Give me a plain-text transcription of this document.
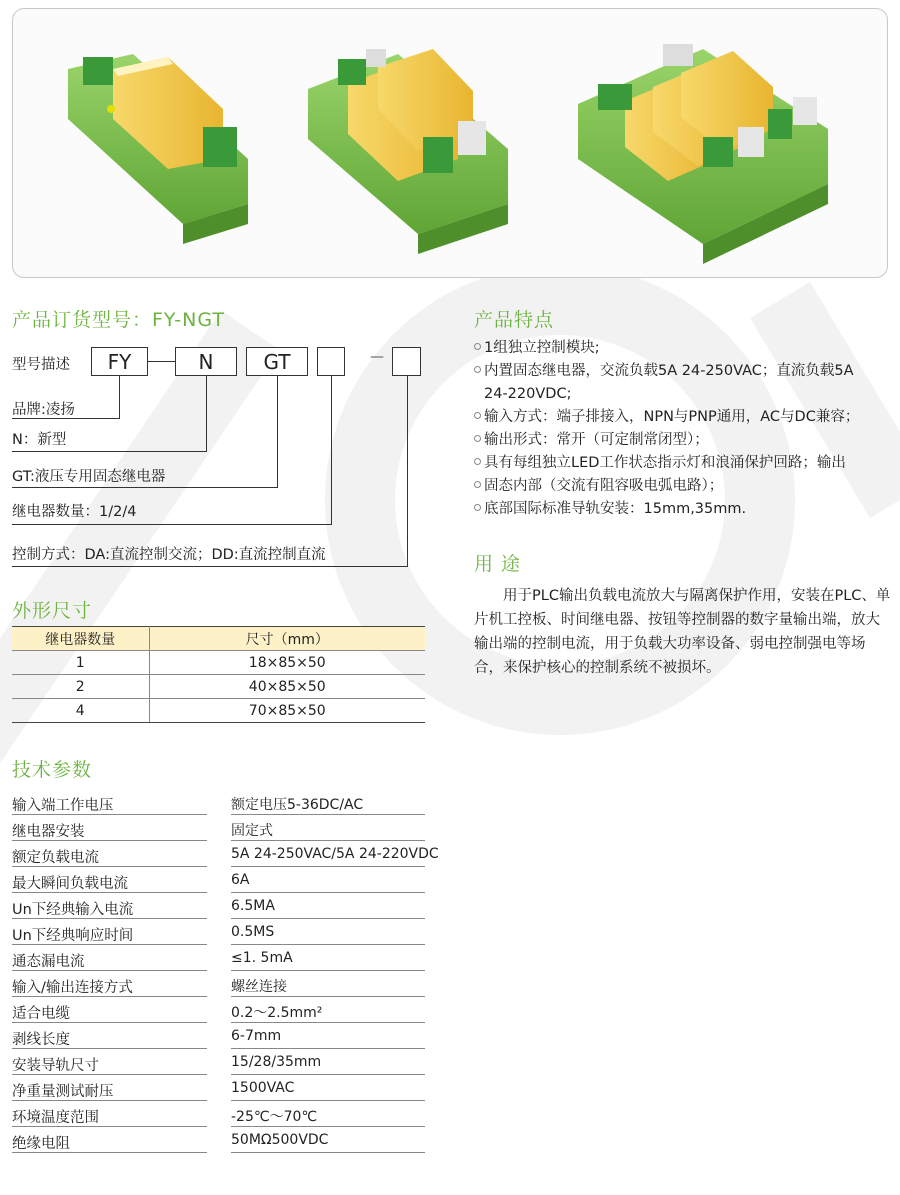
产品订货型号：FY-NGT
型号描述	FY	N	GT	—
品牌:凌扬
N：新型
GT:液压专用固态继电器
继电器数量：1/2/4
控制方式：DA:直流控制交流；DD:直流控制直流
外形尺寸
继电器数量	尺寸（mm）
1	18×85×50
2	40×85×50
4	70×85×50
技术参数
输入端工作电压	额定电压5-36DC/AC
继电器安装	固定式
额定负载电流	5A 24-250VAC/5A 24-220VDC
最大瞬间负载电流	6A
Un下经典输入电流	6.5MA
Un下经典响应时间	0.5MS
通态漏电流	≤1. 5mA
输入/输出连接方式	螺丝连接
适合电缆	0.2～2.5mm²
剥线长度	6-7mm
安装导轨尺寸	15/28/35mm
净重量测试耐压	1500VAC
环境温度范围	-25℃～70℃
绝缘电阻	50MΩ500VDC
产品特点
1组独立控制模块;
内置固态继电器，交流负载5A 24-250VAC；直流负载5A
24-220VDC;
输入方式：端子排接入，NPN与PNP通用，AC与DC兼容；
输出形式：常开（可定制常闭型）；
具有每组独立LED工作状态指示灯和浪涌保护回路；输出
固态内部（交流有阻容吸电弧电路）；
底部国际标准导轨安装：15mm,35mm.
用 途
用于PLC输出负载电流放大与隔离保护作用，安装在PLC、单片机工控板、时间继电器、按钮等控制器的数字量输出端，放大输出端的控制电流，用于负载大功率设备、弱电控制强电等场合，来保护核心的控制系统不被损坏。
